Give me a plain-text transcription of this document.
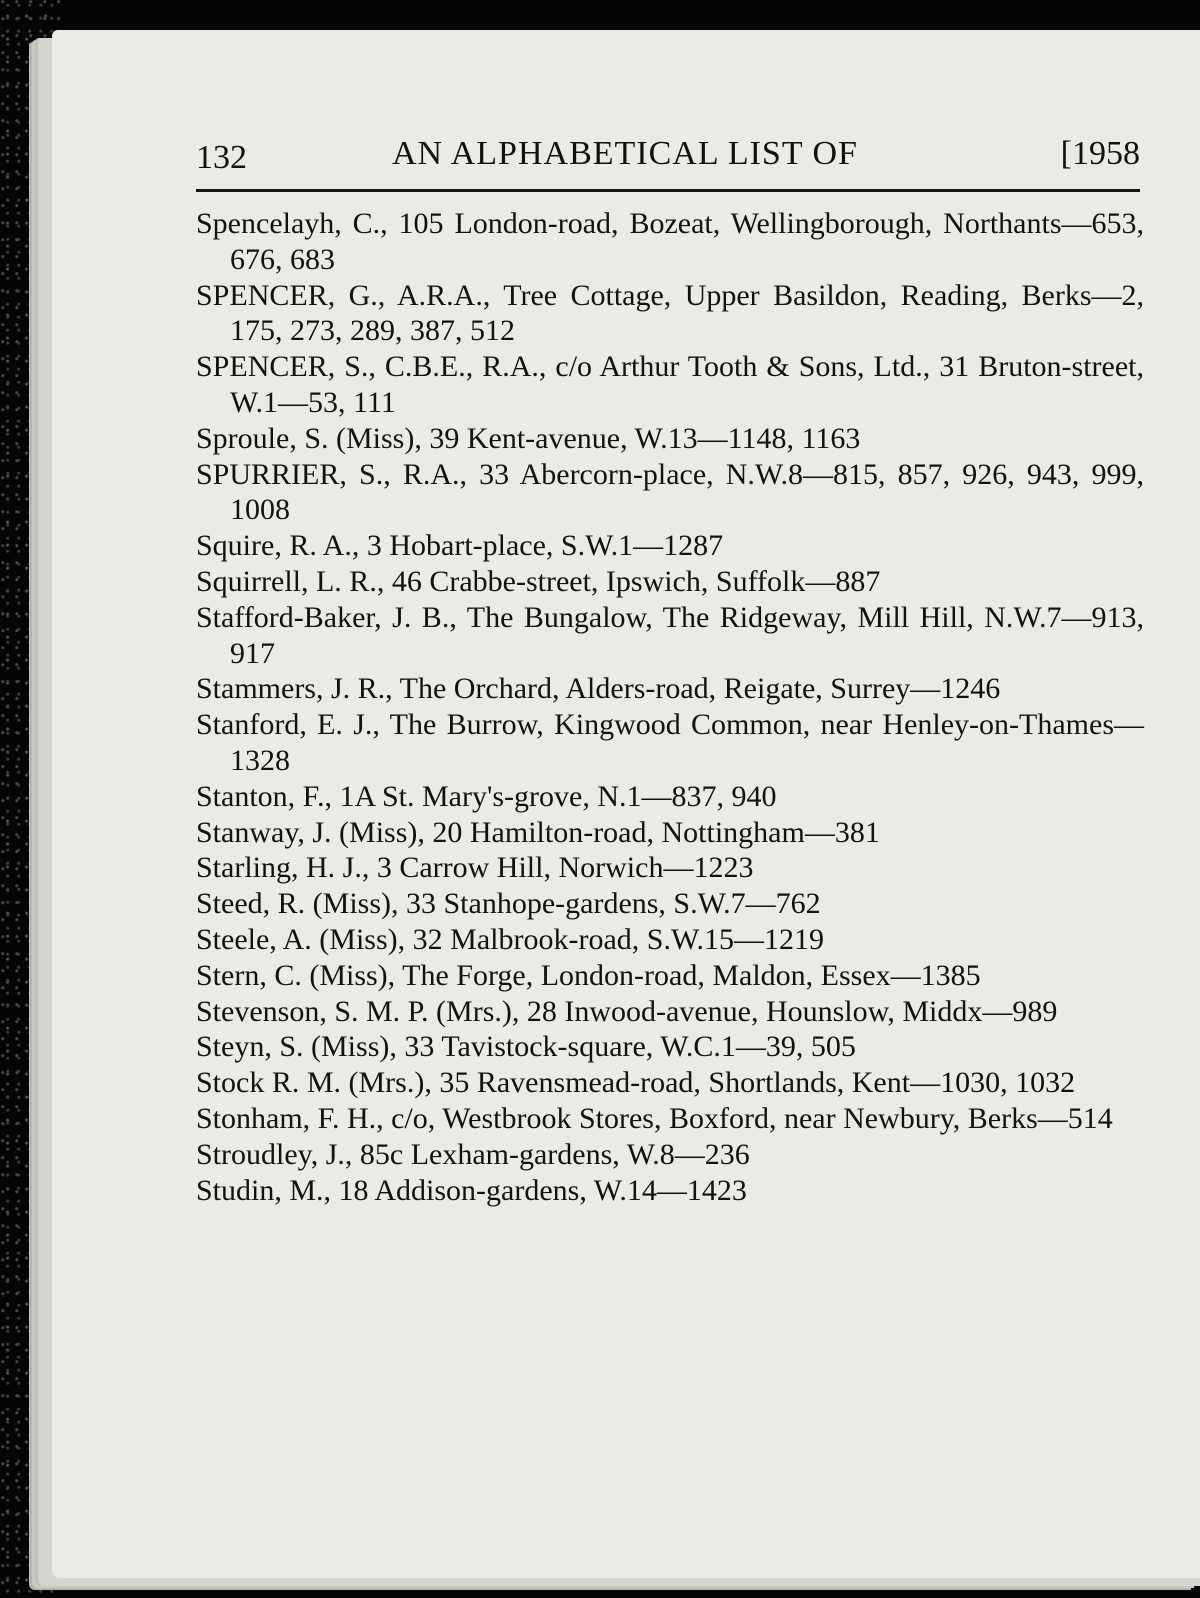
132	AN ALPHABETICAL LIST OF	[1958
Spencelayh, C., 105 London-road, Bozeat, Wellingborough, Northants—653, 676, 683
SPENCER, G., A.R.A., Tree Cottage, Upper Basildon, Reading, Berks—2, 175, 273, 289, 387, 512
SPENCER, S., C.B.E., R.A., c/o Arthur Tooth & Sons, Ltd., 31 Bruton-street, W.1—53, 111
Sproule, S. (Miss), 39 Kent-avenue, W.13—1148, 1163
SPURRIER, S., R.A., 33 Abercorn-place, N.W.8—815, 857, 926, 943, 999, 1008
Squire, R. A., 3 Hobart-place, S.W.1—1287
Squirrell, L. R., 46 Crabbe-street, Ipswich, Suffolk—887
Stafford-Baker, J. B., The Bungalow, The Ridgeway, Mill Hill, N.W.7—913, 917
Stammers, J. R., The Orchard, Alders-road, Reigate, Surrey—1246
Stanford, E. J., The Burrow, Kingwood Common, near Henley-on-Thames—1328
Stanton, F., 1A St. Mary's-grove, N.1—837, 940
Stanway, J. (Miss), 20 Hamilton-road, Nottingham—381
Starling, H. J., 3 Carrow Hill, Norwich—1223
Steed, R. (Miss), 33 Stanhope-gardens, S.W.7—762
Steele, A. (Miss), 32 Malbrook-road, S.W.15—1219
Stern, C. (Miss), The Forge, London-road, Maldon, Essex—1385
Stevenson, S. M. P. (Mrs.), 28 Inwood-avenue, Hounslow, Middx—989
Steyn, S. (Miss), 33 Tavistock-square, W.C.1—39, 505
Stock R. M. (Mrs.), 35 Ravensmead-road, Shortlands, Kent—1030, 1032
Stonham, F. H., c/o, Westbrook Stores, Boxford, near Newbury, Berks—514
Stroudley, J., 85c Lexham-gardens, W.8—236
Studin, M., 18 Addison-gardens, W.14—1423
